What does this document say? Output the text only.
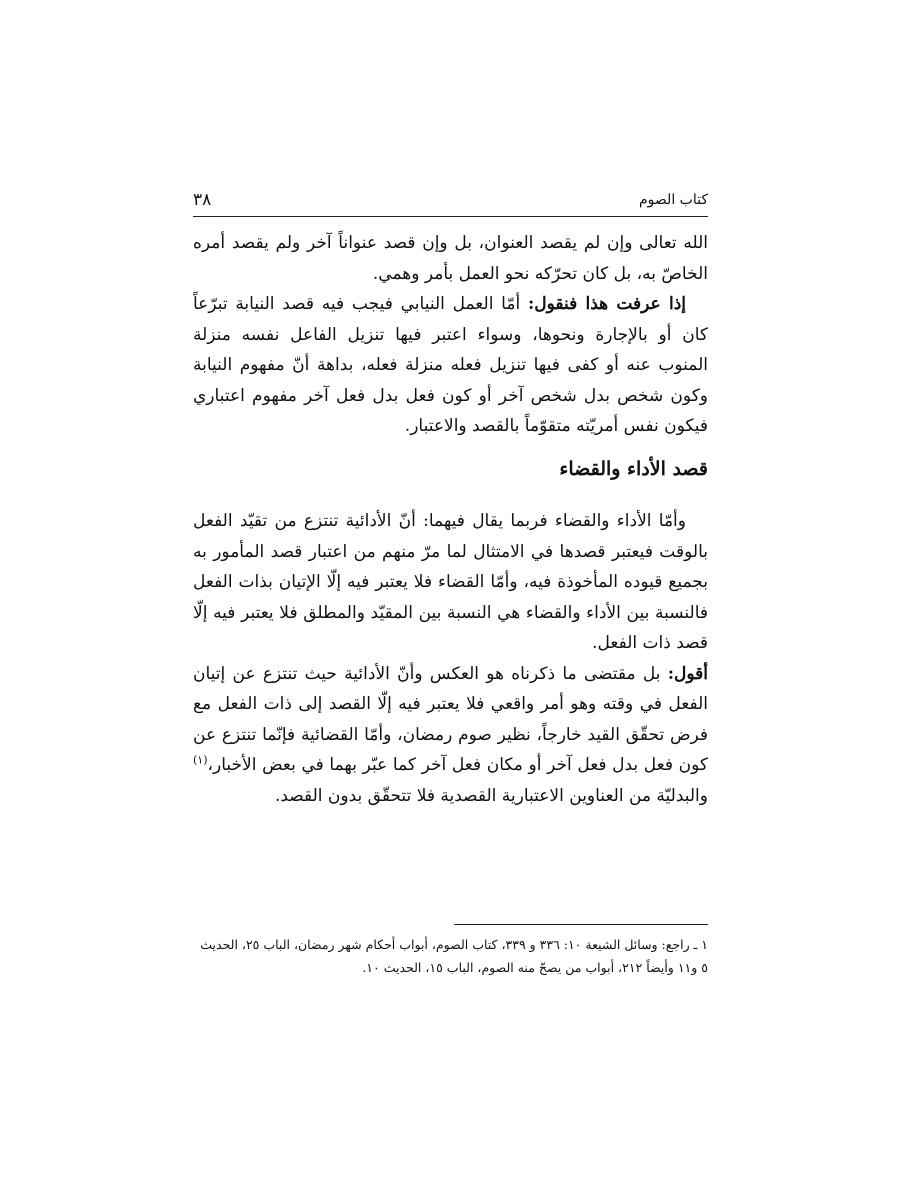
كتاب الصوم
٣٨

الله تعالى وإن لم يقصد العنوان، بل وإن قصد عنواناً آخر ولم يقصد أمره الخاصّ به، بل كان تحرّكه نحو العمل بأمر وهمي.

إذا عرفت هذا فنقول: أمّا العمل النيابي فيجب فيه قصد النيابة تبرّعاً كان أو بالإجارة ونحوها، وسواء اعتبر فيها تنزيل الفاعل نفسه منزلة المنوب عنه أو كفى فيها تنزيل فعله منزلة فعله، بداهة أنّ مفهوم النيابة وكون شخص بدل شخص آخر أو كون فعل بدل فعل آخر مفهوم اعتباري فيكون نفس أمريّته متقوّماً بالقصد والاعتبار.

قصد الأداء والقضاء

وأمّا الأداء والقضاء فربما يقال فيهما: أنّ الأدائية تنتزع من تقيّد الفعل بالوقت فيعتبر قصدها في الامتثال لما مرّ منهم من اعتبار قصد المأمور به بجميع قيوده المأخوذة فيه، وأمّا القضاء فلا يعتبر فيه إلّا الإتيان بذات الفعل فالنسبة بين الأداء والقضاء هي النسبة بين المقيّد والمطلق فلا يعتبر فيه إلّا قصد ذات الفعل.

أقول: بل مقتضى ما ذكرناه هو العكس وأنّ الأدائية حيث تنتزع عن إتيان الفعل في وقته وهو أمر واقعي فلا يعتبر فيه إلّا القصد إلى ذات الفعل مع فرض تحقّق القيد خارجاً، نظير صوم رمضان، وأمّا القضائية فإنّما تنتزع عن كون فعل بدل فعل آخر أو مكان فعل آخر كما عبّر بهما في بعض الأخبار،$^{(١)}$ والبدليّة من العناوين الاعتبارية القصدية فلا تتحقّق بدون القصد.

١ ـ راجع: وسائل الشيعة ١٠: ٣٣٦ و ٣٣٩، كتاب الصوم، أبواب أحكام شهر رمضان، الباب ٢٥، الحديث ٥ و١١ وأيضاً ٢١٢، أبواب من يصحّ منه الصوم، الباب ١٥، الحديث ١٠.
